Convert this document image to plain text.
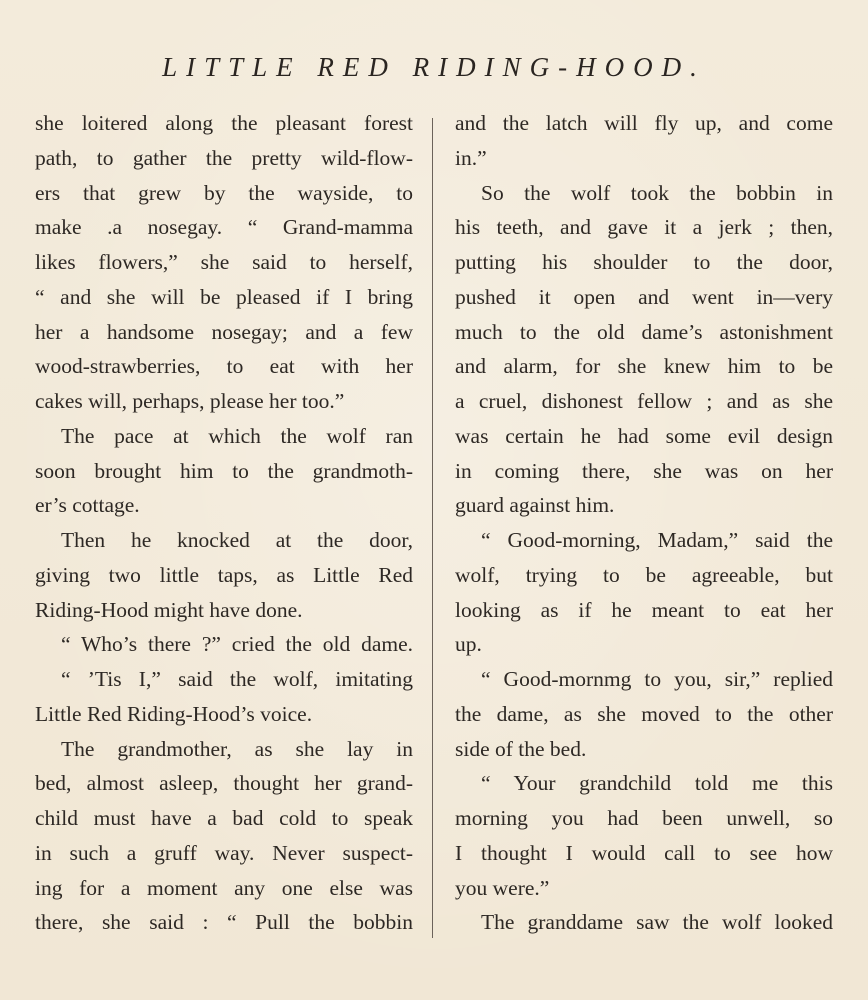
LITTLE RED RIDING-HOOD.
she loitered along the pleasant forest
path, to gather the pretty wild-flow-
ers that grew by the wayside, to
make .a nosegay. “ Grand-mamma
likes flowers,” she said to herself,
“ and she will be pleased if I bring
her a handsome nosegay; and a few
wood-strawberries, to eat with her
cakes will, perhaps, please her too.”
The pace at which the wolf ran
soon brought him to the grandmoth-
er’s cottage.
Then he knocked at the door,
giving two little taps, as Little Red
Riding-Hood might have done.
“ Who’s there ?” cried the old dame.
“ ’Tis I,” said the wolf, imitating
Little Red Riding-Hood’s voice.
The grandmother, as she lay in
bed, almost asleep, thought her grand-
child must have a bad cold to speak
in such a gruff way. Never suspect-
ing for a moment any one else was
there, she said : “ Pull the bobbin
and the latch will fly up, and come
in.”
So the wolf took the bobbin in
his teeth, and gave it a jerk ; then,
putting his shoulder to the door,
pushed it open and went in—very
much to the old dame’s astonishment
and alarm, for she knew him to be
a cruel, dishonest fellow ; and as she
was certain he had some evil design
in coming there, she was on her
guard against him.
“ Good-morning, Madam,” said the
wolf, trying to be agreeable, but
looking as if he meant to eat her
up.
“ Good-mornmg to you, sir,” replied
the dame, as she moved to the other
side of the bed.
“ Your grandchild told me this
morning you had been unwell, so
I thought I would call to see how
you were.”
The granddame saw the wolf looked
